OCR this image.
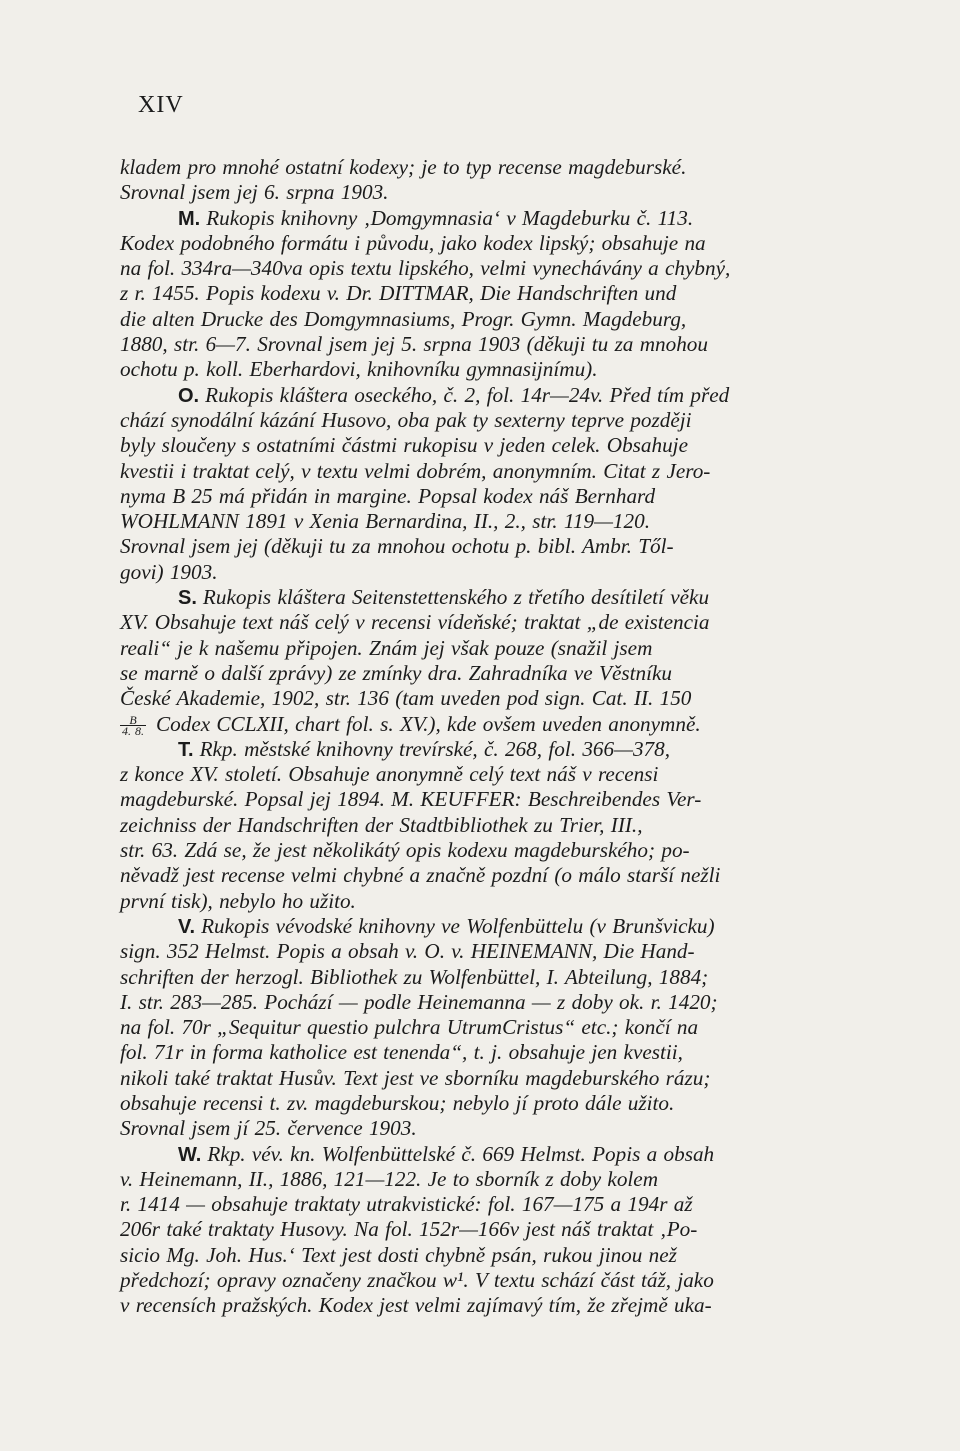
XIV
kladem pro mnohé ostatní kodexy; je to typ recense magdeburské.
Srovnal jsem jej 6. srpna 1903.
M. Rukopis knihovny ‚Domgymnasia‘ v Magdeburku č. 113.
Kodex podobného formátu i původu, jako kodex lipský; obsahuje na
na fol. 334ra—340va opis textu lipského, velmi vynechávány a chybný,
z r. 1455. Popis kodexu v. Dr. DITTMAR, Die Handschriften und
die alten Drucke des Domgymnasiums, Progr. Gymn. Magdeburg,
1880, str. 6—7. Srovnal jsem jej 5. srpna 1903 (děkuji tu za mnohou
ochotu p. koll. Eberhardovi, knihovníku gymnasijnímu).
O. Rukopis kláštera oseckého, č. 2, fol. 14r—24v. Před tím před
chází synodální kázání Husovo, oba pak ty sexterny teprve později
byly sloučeny s ostatními částmi rukopisu v jeden celek. Obsahuje
kvestii i traktat celý, v textu velmi dobrém, anonymním. Citat z Jero-
nyma B 25 má přidán in margine. Popsal kodex náš Bernhard
WOHLMANN 1891 v Xenia Bernardina, II., 2., str. 119—120.
Srovnal jsem jej (děkuji tu za mnohou ochotu p. bibl. Ambr. Től-
govi) 1903.
S. Rukopis kláštera Seitenstettenského z třetího desítiletí věku
XV. Obsahuje text náš celý v recensi vídeňské; traktat „de existencia
reali“ je k našemu připojen. Znám jej však pouze (snažil jsem
se marně o další zprávy) ze zmínky dra. Zahradníka ve Věstníku
České Akademie, 1902, str. 136 (tam uveden pod sign. Cat. II. 150
$\frac{B}{4. 8.}$ Codex CCLXII, chart fol. s. XV.), kde ovšem uveden anonymně.
T. Rkp. městské knihovny trevírské, č. 268, fol. 366—378,
z konce XV. století. Obsahuje anonymně celý text náš v recensi
magdeburské. Popsal jej 1894. M. KEUFFER: Beschreibendes Ver-
zeichniss der Handschriften der Stadtbibliothek zu Trier, III.,
str. 63. Zdá se, že jest několikátý opis kodexu magdeburského; po-
něvadž jest recense velmi chybné a značně pozdní (o málo starší nežli
první tisk), nebylo ho užito.
V. Rukopis vévodské knihovny ve Wolfenbüttelu (v Brunšvicku)
sign. 352 Helmst. Popis a obsah v. O. v. HEINEMANN, Die Hand-
schriften der herzogl. Bibliothek zu Wolfenbüttel, I. Abteilung, 1884;
I. str. 283—285. Pochází — podle Heinemanna — z doby ok. r. 1420;
na fol. 70r „Sequitur questio pulchra UtrumCristus“ etc.; končí na
fol. 71r in forma katholice est tenenda“, t. j. obsahuje jen kvestii,
nikoli také traktat Husův. Text jest ve sborníku magdeburského rázu;
obsahuje recensi t. zv. magdeburskou; nebylo jí proto dále užito.
Srovnal jsem jí 25. července 1903.
W. Rkp. vév. kn. Wolfenbüttelské č. 669 Helmst. Popis a obsah
v. Heinemann, II., 1886, 121—122. Je to sborník z doby kolem
r. 1414 — obsahuje traktaty utrakvistické: fol. 167—175 a 194r až
206r také traktaty Husovy. Na fol. 152r—166v jest náš traktat ‚Po-
sicio Mg. Joh. Hus.‘ Text jest dosti chybně psán, rukou jinou než
předchozí; opravy označeny značkou w¹. V textu schází část táž, jako
v recensích pražských. Kodex jest velmi zajímavý tím, že zřejmě uka-
